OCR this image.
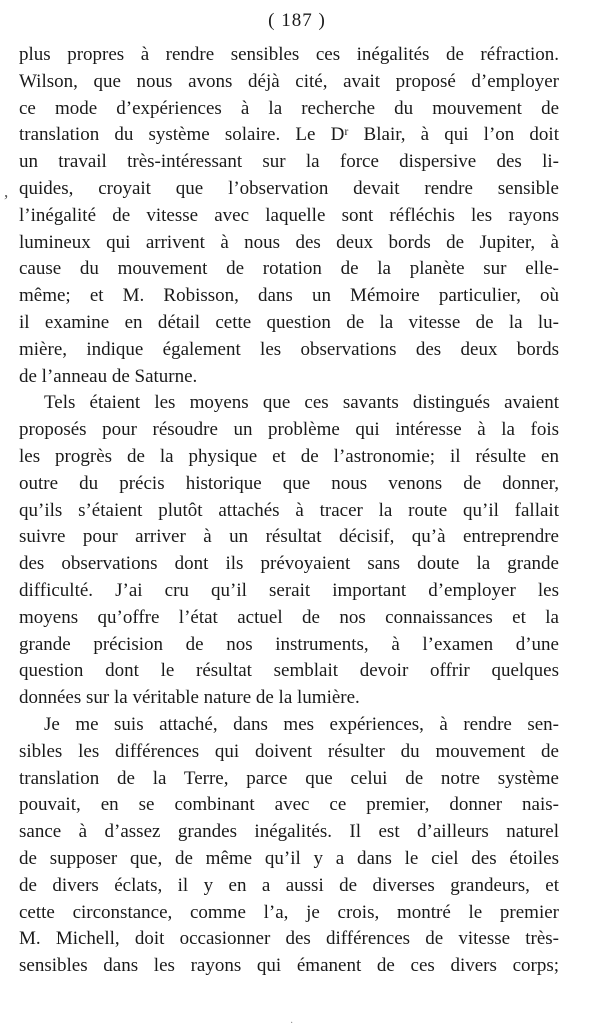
( 187 )
,
plus propres à rendre sensibles ces inégalités de réfraction.
Wilson, que nous avons déjà cité, avait proposé d’employer
ce mode d’expériences à la recherche du mouvement de
translation du système solaire. Le Dʳ Blair, à qui l’on doit
un travail très-intéressant sur la force dispersive des li-
quides, croyait que l’observation devait rendre sensible
l’inégalité de vitesse avec laquelle sont réfléchis les rayons
lumineux qui arrivent à nous des deux bords de Jupiter, à
cause du mouvement de rotation de la planète sur elle-
même; et M. Robisson, dans un Mémoire particulier, où
il examine en détail cette question de la vitesse de la lu-
mière, indique également les observations des deux bords
de l’anneau de Saturne.
Tels étaient les moyens que ces savants distingués avaient
proposés pour résoudre un problème qui intéresse à la fois
les progrès de la physique et de l’astronomie; il résulte en
outre du précis historique que nous venons de donner,
qu’ils s’étaient plutôt attachés à tracer la route qu’il fallait
suivre pour arriver à un résultat décisif, qu’à entreprendre
des observations dont ils prévoyaient sans doute la grande
difficulté. J’ai cru qu’il serait important d’employer les
moyens qu’offre l’état actuel de nos connaissances et la
grande précision de nos instruments, à l’examen d’une
question dont le résultat semblait devoir offrir quelques
données sur la véritable nature de la lumière.
Je me suis attaché, dans mes expériences, à rendre sen-
sibles les différences qui doivent résulter du mouvement de
translation de la Terre, parce que celui de notre système
pouvait, en se combinant avec ce premier, donner nais-
sance à d’assez grandes inégalités. Il est d’ailleurs naturel
de supposer que, de même qu’il y a dans le ciel des étoiles
de divers éclats, il y en a aussi de diverses grandeurs, et
cette circonstance, comme l’a, je crois, montré le premier
M. Michell, doit occasionner des différences de vitesse très-
sensibles dans les rayons qui émanent de ces divers corps;
·
